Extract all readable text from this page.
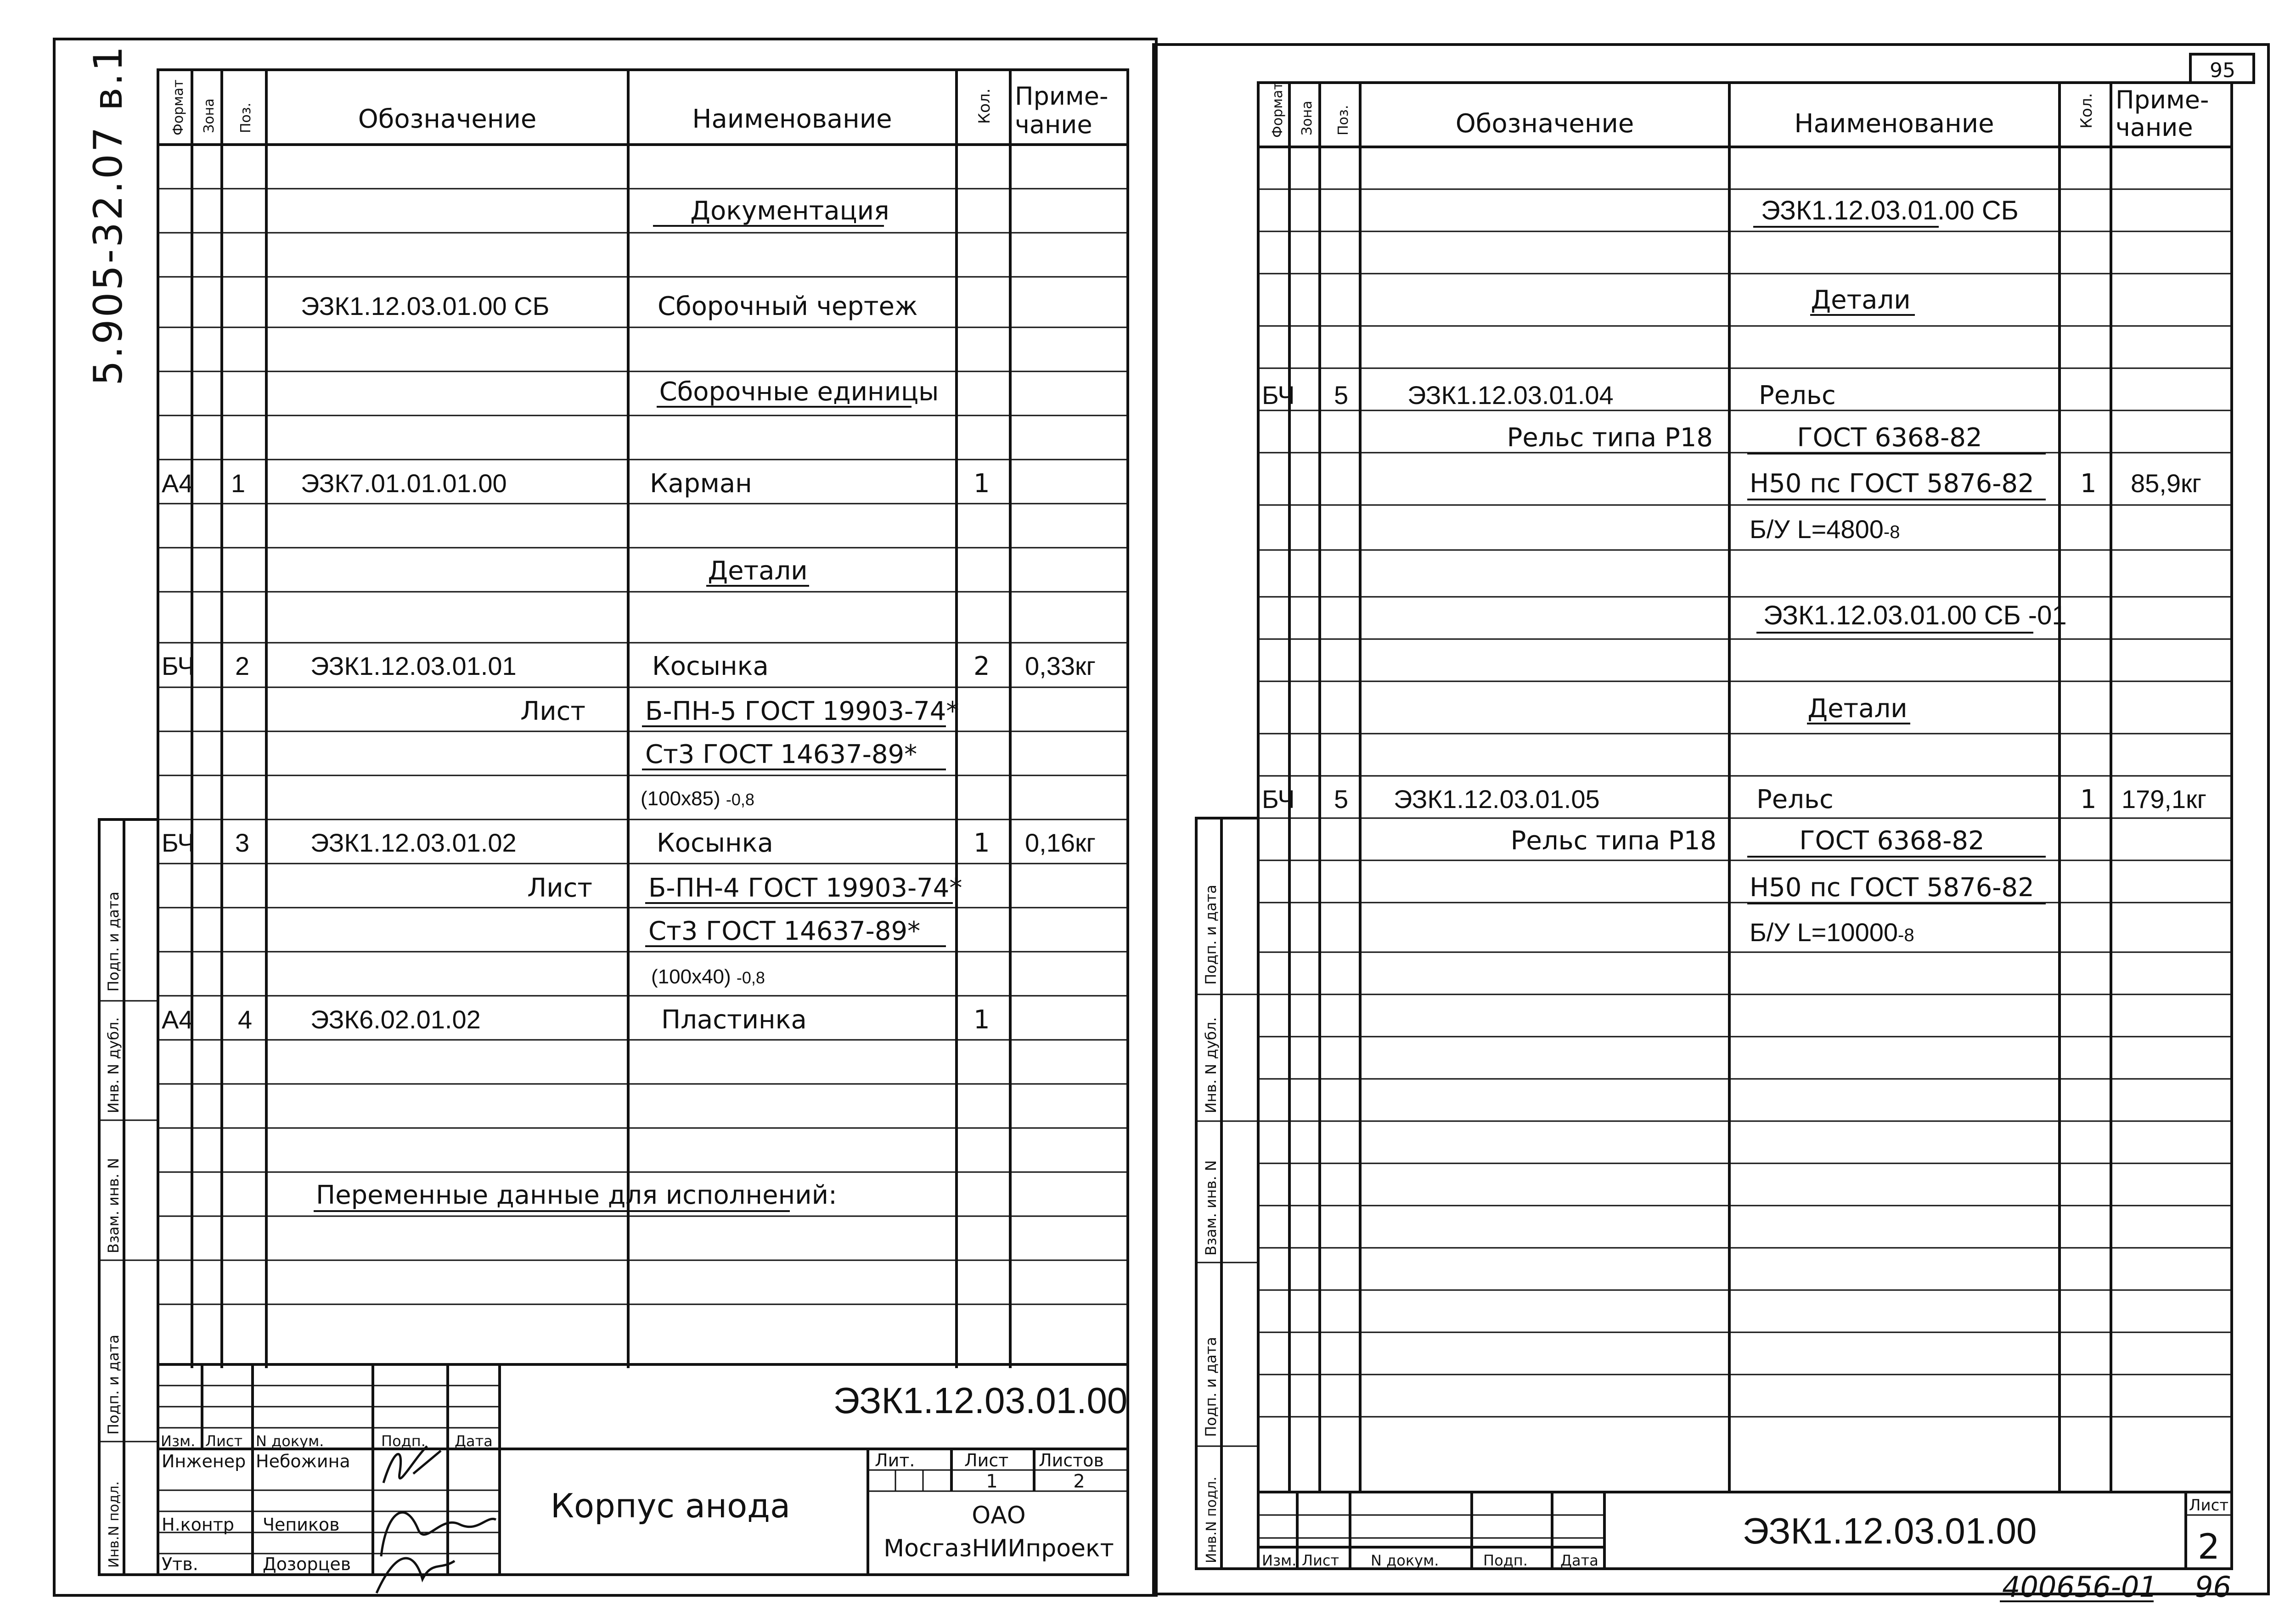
5.905-32.07 в.1	Формат Зона Поз.	Обозначение	Наименование	Кол. Приме-
чание
Документация
ЭЗК1.12.03.01.00 СБ	Сборочный чертеж
Сборочные единицы
А4 1 ЭЗК7.01.01.01.00	Карман	1
Детали
БЧ 2 ЭЗК1.12.03.01.01	Косынка	2 0,33кг
Лист Б-ПН-5 ГОСТ 19903-74*
Ст3 ГОСТ 14637-89*
(100x85) -0,8
БЧ 3 ЭЗК1.12.03.01.02	Косынка	1 0,16кг
Лист Б-ПН-4 ГОСТ 19903-74*
Ст3 ГОСТ 14637-89*
(100x40) -0,8
А4 4 ЭЗК6.02.01.02	Пластинка	1
Переменные данные для исполнений:
Подп. и дата
Инв. N дубл.
Взам. инв. N
Подп. и дата
Инв.N подл.
Изм. Лист N докум.	Подп. Дата
Инженер Небожина
Н.контр Чепиков
Утв.	Дозорцев
ЭЗК1.12.03.01.00
Корпус анода
Лит.	Лист Листов
1	2
ОАО
МосгазНИИпроект
95
Формат Зона Поз.	Обозначение	Наименование	Кол. Приме-
чание
ЭЗК1.12.03.01.00 СБ
Детали
БЧ 5 ЭЗК1.12.03.01.04	Рельс
Рельс типа Р18	ГОСТ 6368-82
Н50 пс ГОСТ 5876-82 1 85,9кг
Б/У L=4800-8
ЭЗК1.12.03.01.00 СБ -01
Детали
БЧ 5 ЭЗК1.12.03.01.05	Рельс	1 179,1кг
Рельс типа Р18	ГОСТ 6368-82
Н50 пс ГОСТ 5876-82
Б/У L=10000-8
Подп. и дата
Инв. N дубл.
Взам. инв. N
Подп. и дата
Инв.N подл.	Изм. Лист N докум.	Подп. Дата
ЭЗК1.12.03.01.00
Лист
2
400656-01 96
